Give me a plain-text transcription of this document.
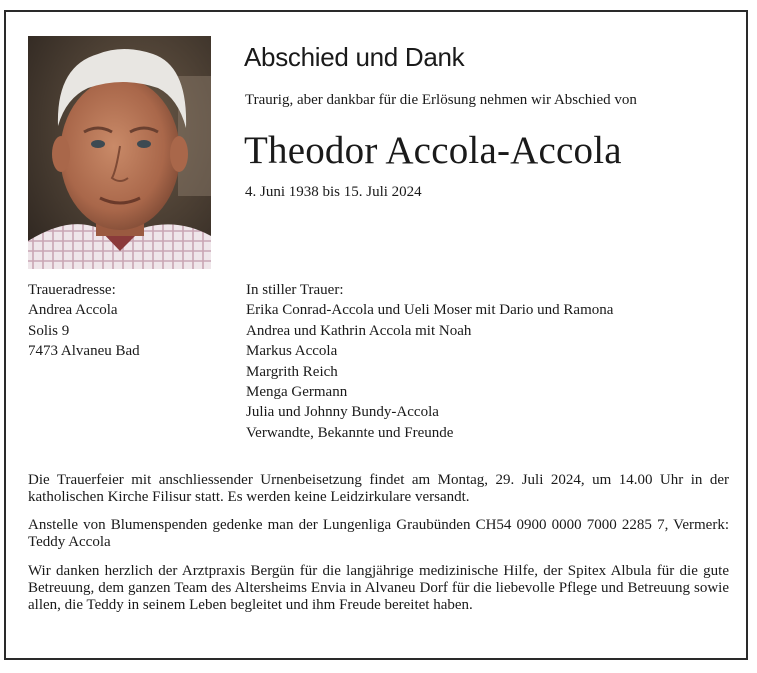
Abschied und Dank
Traurig, aber dankbar für die Erlösung nehmen wir Abschied von
Theodor Accola-Accola
4. Juni 1938 bis 15. Juli 2024
Traueradresse:
Andrea Accola
Solis 9
7473 Alvaneu Bad
In stiller Trauer:
Erika Conrad-Accola und Ueli Moser mit Dario und Ramona
Andrea und Kathrin Accola mit Noah
Markus Accola
Margrith Reich
Menga Germann
Julia und Johnny Bundy-Accola
Verwandte, Bekannte und Freunde
Die Trauerfeier mit anschliessender Urnenbeisetzung findet am Montag, 29. Juli 2024, um 14.00 Uhr in der katholischen Kirche Filisur statt. Es werden keine Leidzirkulare versandt.
Anstelle von Blumenspenden gedenke man der Lungenliga Graubünden CH54 0900 0000 7000 2285 7, Vermerk: Teddy Accola
Wir danken herzlich der Arztpraxis Bergün für die langjährige medizinische Hilfe, der Spitex Albula für die gute Betreuung, dem ganzen Team des Altersheims Envia in Alvaneu Dorf für die liebevolle Pflege und Betreuung sowie allen, die Teddy in seinem Leben begleitet und ihm Freude bereitet haben.
